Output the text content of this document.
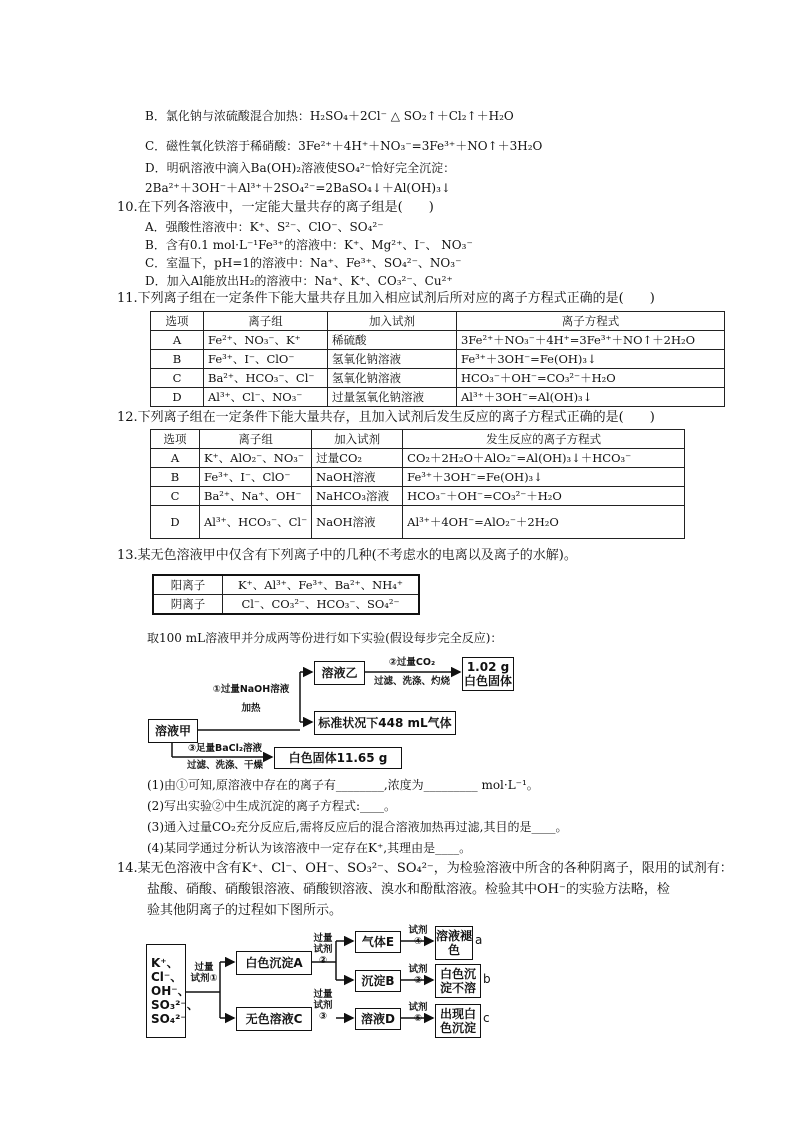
B．氯化钠与浓硫酸混合加热：H₂SO₄＋2Cl⁻ △ SO₂↑＋Cl₂↑＋H₂O
C．磁性氧化铁溶于稀硝酸：3Fe²⁺＋4H⁺＋NO₃⁻=3Fe³⁺＋NO↑＋3H₂O
D．明矾溶液中滴入Ba(OH)₂溶液使SO₄²⁻恰好完全沉淀：
2Ba²⁺＋3OH⁻＋Al³⁺＋2SO₄²⁻=2BaSO₄↓＋Al(OH)₃↓
10.在下列各溶液中，一定能大量共存的离子组是(　　)
A．强酸性溶液中：K⁺、S²⁻、ClO⁻、SO₄²⁻
B．含有0.1 mol·L⁻¹Fe³⁺的溶液中：K⁺、Mg²⁺、I⁻、 NO₃⁻
C．室温下，pH=1的溶液中：Na⁺、Fe³⁺、SO₄²⁻、NO₃⁻
D．加入Al能放出H₂的溶液中：Na⁺、K⁺、CO₃²⁻、Cu²⁺
11.下列离子组在一定条件下能大量共存且加入相应试剂后所对应的离子方程式正确的是(　　)
选项	离子组	加入试剂	离子方程式
A	Fe²⁺、NO₃⁻、K⁺	稀硫酸	3Fe²⁺＋NO₃⁻＋4H⁺=3Fe³⁺＋NO↑＋2H₂O
B	Fe³⁺、I⁻、ClO⁻	氢氧化钠溶液	Fe³⁺＋3OH⁻=Fe(OH)₃↓
C	Ba²⁺、HCO₃⁻、Cl⁻	氢氧化钠溶液	HCO₃⁻＋OH⁻=CO₃²⁻＋H₂O
D	Al³⁺、Cl⁻、NO₃⁻	过量氢氧化钠溶液	Al³⁺＋3OH⁻=Al(OH)₃↓
12.下列离子组在一定条件下能大量共存，且加入试剂后发生反应的离子方程式正确的是(　　)
选项	离子组	加入试剂	发生反应的离子方程式
A	K⁺、AlO₂⁻、NO₃⁻	过量CO₂	CO₂＋2H₂O＋AlO₂⁻=Al(OH)₃↓＋HCO₃⁻
B	Fe³⁺、I⁻、ClO⁻	NaOH溶液	Fe³⁺＋3OH⁻=Fe(OH)₃↓
C	Ba²⁺、Na⁺、OH⁻	NaHCO₃溶液	HCO₃⁻＋OH⁻=CO₃²⁻＋H₂O
D	Al³⁺、HCO₃⁻、Cl⁻	NaOH溶液	Al³⁺＋4OH⁻=AlO₂⁻＋2H₂O
13.某无色溶液甲中仅含有下列离子中的几种(不考虑水的电离以及离子的水解)。
阳离子	K⁺、Al³⁺、Fe³⁺、Ba²⁺、NH₄⁺
阴离子	Cl⁻、CO₃²⁻、HCO₃⁻、SO₄²⁻
取100 mL溶液甲并分成两等份进行如下实验(假设每步完全反应)：
溶液甲
溶液乙	1.02 g白色固体
标准状况下448 mL气体
白色固体11.65 g
①过量NaOH溶液
加热
②过量CO₂
过滤、洗涤、灼烧
③足量BaCl₂溶液
过滤、洗涤、干燥
(1)由①可知,原溶液中存在的离子有________,浓度为_________ mol·L⁻¹。
(2)写出实验②中生成沉淀的离子方程式:____。
(3)通入过量CO₂充分反应后,需将反应后的混合溶液加热再过滤,其目的是____。
(4)某同学通过分析认为该溶液中一定存在K⁺,其理由是____。
14.某无色溶液中含有K⁺、Cl⁻、OH⁻、SO₃²⁻、SO₄²⁻，为检验溶液中所含的各种阴离子，限用的试剂有：
盐酸、硝酸、硝酸银溶液、硝酸钡溶液、溴水和酚酞溶液。检验其中OH⁻的实验方法略，检
验其他阴离子的过程如下图所示。
K⁺、
Cl⁻、
OH⁻、
SO₃²⁻、
SO₄²⁻
白色沉淀A
无色溶液C
气体E
沉淀B
溶液D
溶液褪色
白色沉淀不溶
出现白色沉淀
a
b
c
过量试剂①
过量试剂②
过量试剂③
试剂④
试剂③
试剂⑤
